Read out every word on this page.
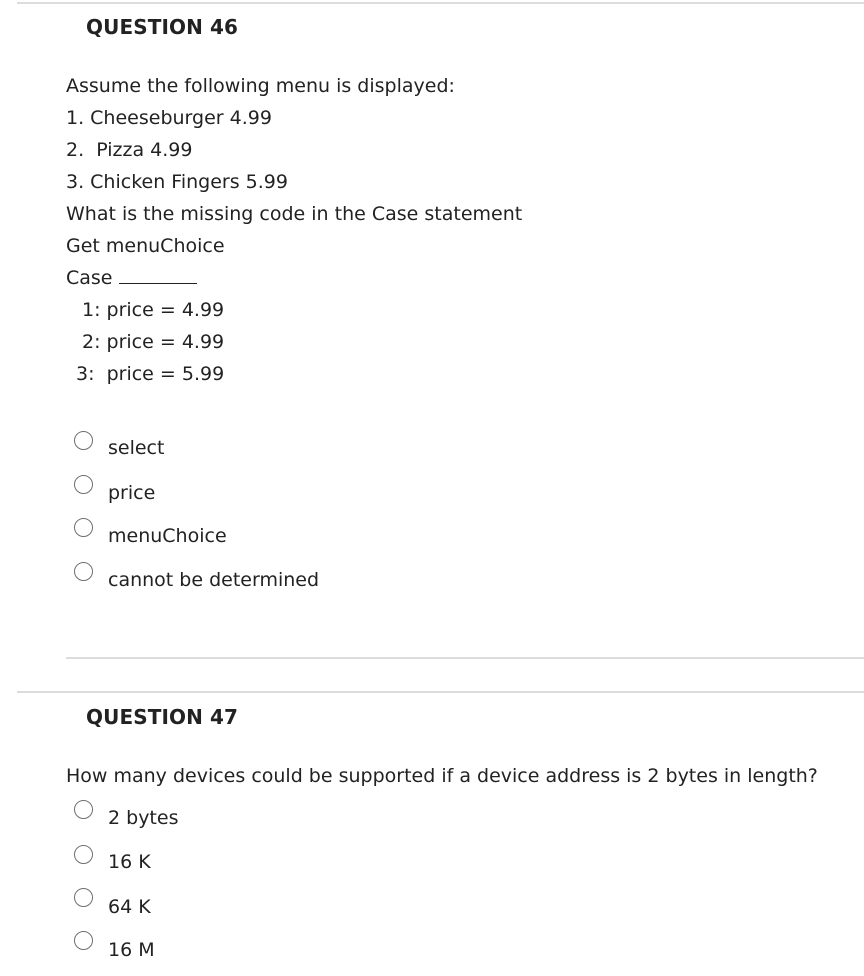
QUESTION 46
Assume the following menu is displayed:
1. Cheeseburger 4.99
2.  Pizza 4.99
3. Chicken Fingers 5.99
What is the missing code in the Case statement
Get menuChoice
Case
1: price = 4.99
2: price = 4.99
3:  price = 5.99
select
price
menuChoice
cannot be determined
QUESTION 47
How many devices could be supported if a device address is 2 bytes in length?
2 bytes
16 K
64 K
16 M
